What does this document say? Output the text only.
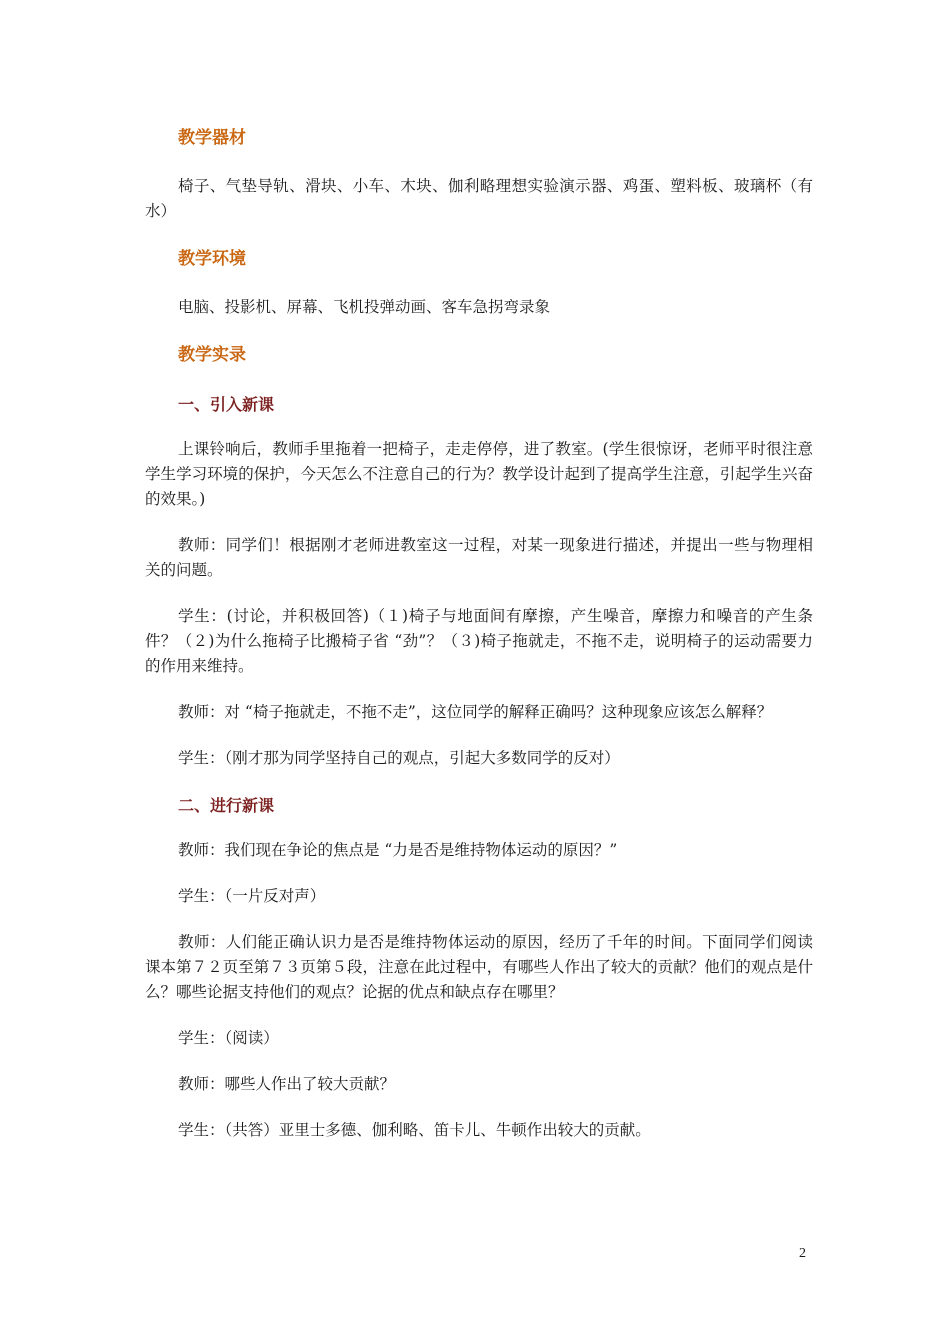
教学器材

椅子、气垫导轨、滑块、小车、木块、伽利略理想实验演示器、鸡蛋、塑料板、玻璃杯（有水）

教学环境

电脑、投影机、屏幕、飞机投弹动画、客车急拐弯录象

教学实录
一、引入新课

上课铃响后，教师手里拖着一把椅子，走走停停，进了教室。(学生很惊讶，老师平时很注意学生学习环境的保护，今天怎么不注意自己的行为？教学设计起到了提高学生注意，引起学生兴奋的效果。)

教师：同学们！根据刚才老师进教室这一过程，对某一现象进行描述，并提出一些与物理相关的问题。

学生：(讨论，并积极回答)（１)椅子与地面间有摩擦，产生噪音，摩擦力和噪音的产生条件？（２)为什么拖椅子比搬椅子省 “劲”？（３)椅子拖就走，不拖不走，说明椅子的运动需要力的作用来维持。

教师：对 “椅子拖就走，不拖不走”，这位同学的解释正确吗？这种现象应该怎么解释？

学生：（刚才那为同学坚持自己的观点，引起大多数同学的反对）

二、进行新课

教师：我们现在争论的焦点是 “力是否是维持物体运动的原因？”

学生：（一片反对声）

教师：人们能正确认识力是否是维持物体运动的原因，经历了千年的时间。下面同学们阅读课本第７２页至第７３页第５段，注意在此过程中，有哪些人作出了较大的贡献？他们的观点是什么？哪些论据支持他们的观点？论据的优点和缺点存在哪里？

学生：（阅读）

教师：哪些人作出了较大贡献？

学生：（共答）亚里士多德、伽利略、笛卡儿、牛顿作出较大的贡献。

2
